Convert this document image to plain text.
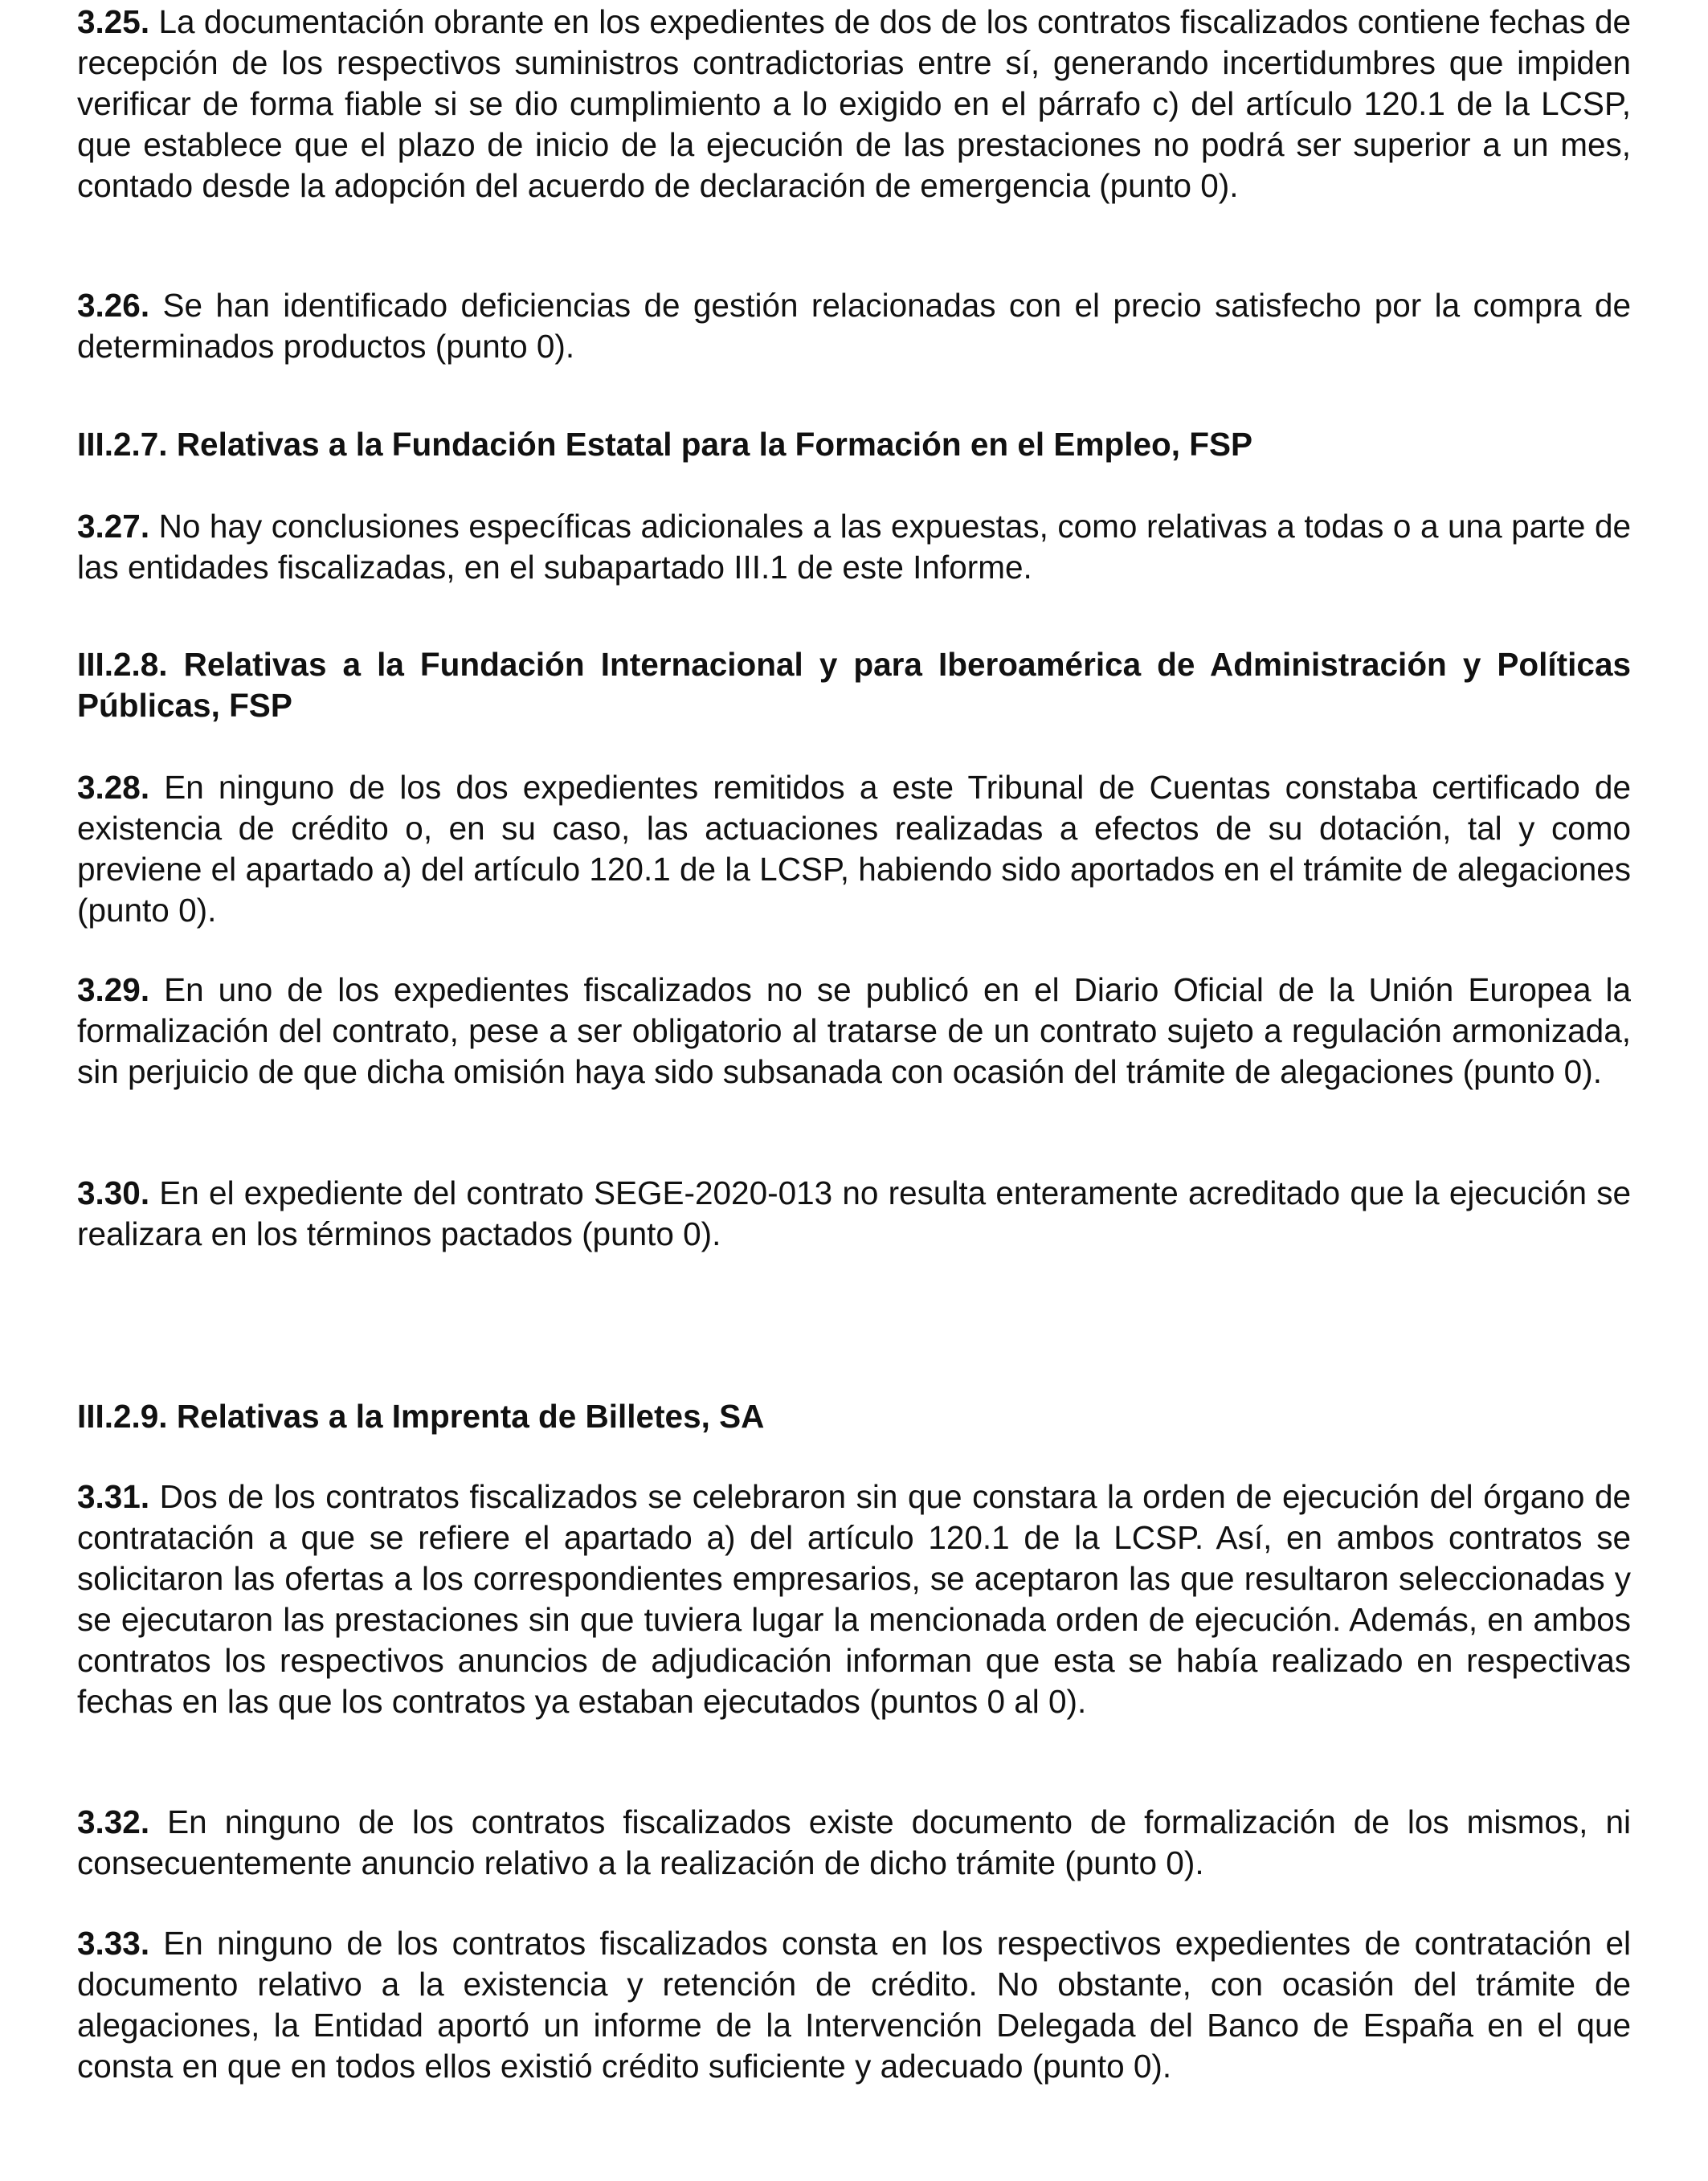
3.25. La documentación obrante en los expedientes de dos de los contratos fiscalizados contiene fechas de recepción de los respectivos suministros contradictorias entre sí, generando incertidumbres que impiden verificar de forma fiable si se dio cumplimiento a lo exigido en el párrafo c) del artículo 120.1 de la LCSP, que establece que el plazo de inicio de la ejecución de las prestaciones no podrá ser superior a un mes, contado desde la adopción del acuerdo de declaración de emergencia (punto 0).

3.26. Se han identificado deficiencias de gestión relacionadas con el precio satisfecho por la compra de determinados productos (punto 0).

III.2.7. Relativas a la Fundación Estatal para la Formación en el Empleo, FSP

3.27. No hay conclusiones específicas adicionales a las expuestas, como relativas a todas o a una parte de las entidades fiscalizadas, en el subapartado III.1 de este Informe.

III.2.8. Relativas a la Fundación Internacional y para Iberoamérica de Administración y Políticas Públicas, FSP

3.28. En ninguno de los dos expedientes remitidos a este Tribunal de Cuentas constaba certificado de existencia de crédito o, en su caso, las actuaciones realizadas a efectos de su dotación, tal y como previene el apartado a) del artículo 120.1 de la LCSP, habiendo sido aportados en el trámite de alegaciones (punto 0).

3.29. En uno de los expedientes fiscalizados no se publicó en el Diario Oficial de la Unión Europea la formalización del contrato, pese a ser obligatorio al tratarse de un contrato sujeto a regulación armonizada, sin perjuicio de que dicha omisión haya sido subsanada con ocasión del trámite de alegaciones (punto 0).

3.30. En el expediente del contrato SEGE-2020-013 no resulta enteramente acreditado que la ejecución se realizara en los términos pactados (punto 0).

III.2.9. Relativas a la Imprenta de Billetes, SA

3.31. Dos de los contratos fiscalizados se celebraron sin que constara la orden de ejecución del órgano de contratación a que se refiere el apartado a) del artículo 120.1 de la LCSP. Así, en ambos contratos se solicitaron las ofertas a los correspondientes empresarios, se aceptaron las que resultaron seleccionadas y se ejecutaron las prestaciones sin que tuviera lugar la mencionada orden de ejecución. Además, en ambos contratos los respectivos anuncios de adjudicación informan que esta se había realizado en respectivas fechas en las que los contratos ya estaban ejecutados (puntos 0 al 0).

3.32. En ninguno de los contratos fiscalizados existe documento de formalización de los mismos, ni consecuentemente anuncio relativo a la realización de dicho trámite (punto 0).

3.33. En ninguno de los contratos fiscalizados consta en los respectivos expedientes de contratación el documento relativo a la existencia y retención de crédito. No obstante, con ocasión del trámite de alegaciones, la Entidad aportó un informe de la Intervención Delegada del Banco de España en el que consta en que en todos ellos existió crédito suficiente y adecuado (punto 0).
